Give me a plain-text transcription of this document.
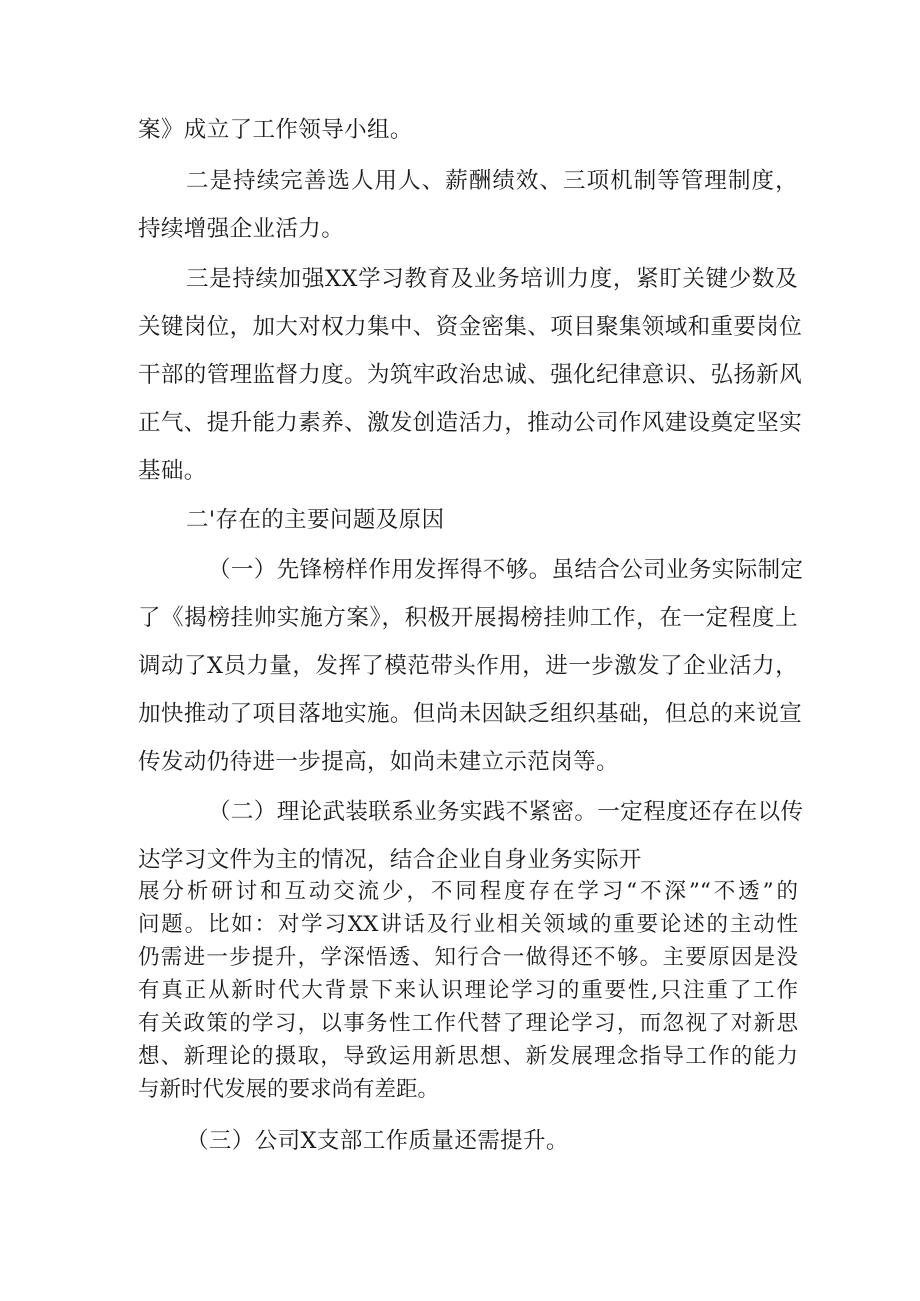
案》成立了工作领导小组。
二是持续完善选人用人、薪酬绩效、三项机制等管理制度，
持续增强企业活力。
三是持续加强XX学习教育及业务培训力度，紧盯关键少数及
关键岗位，加大对权力集中、资金密集、项目聚集领域和重要岗位
干部的管理监督力度。为筑牢政治忠诚、强化纪律意识、弘扬新风
正气、提升能力素养、激发创造活力，推动公司作风建设奠定坚实
基础。
二'存在的主要问题及原因
（一）先锋榜样作用发挥得不够。虽结合公司业务实际制定
了《揭榜挂帅实施方案》，积极开展揭榜挂帅工作，在一定程度上
调动了X员力量，发挥了模范带头作用，进一步激发了企业活力，
加快推动了项目落地实施。但尚未因缺乏组织基础，但总的来说宣
传发动仍待进一步提高，如尚未建立示范岗等。
（二）理论武装联系业务实践不紧密。一定程度还存在以传
达学习文件为主的情况，结合企业自身业务实际开
展分析研讨和互动交流少，不同程度存在学习“不深”“不透”的
问题。比如：对学习XX讲话及行业相关领域的重要论述的主动性
仍需进一步提升，学深悟透、知行合一做得还不够。主要原因是没
有真正从新时代大背景下来认识理论学习的重要性,只注重了工作
有关政策的学习，以事务性工作代替了理论学习，而忽视了对新思
想、新理论的摄取，导致运用新思想、新发展理念指导工作的能力
与新时代发展的要求尚有差距。
（三）公司X支部工作质量还需提升。
